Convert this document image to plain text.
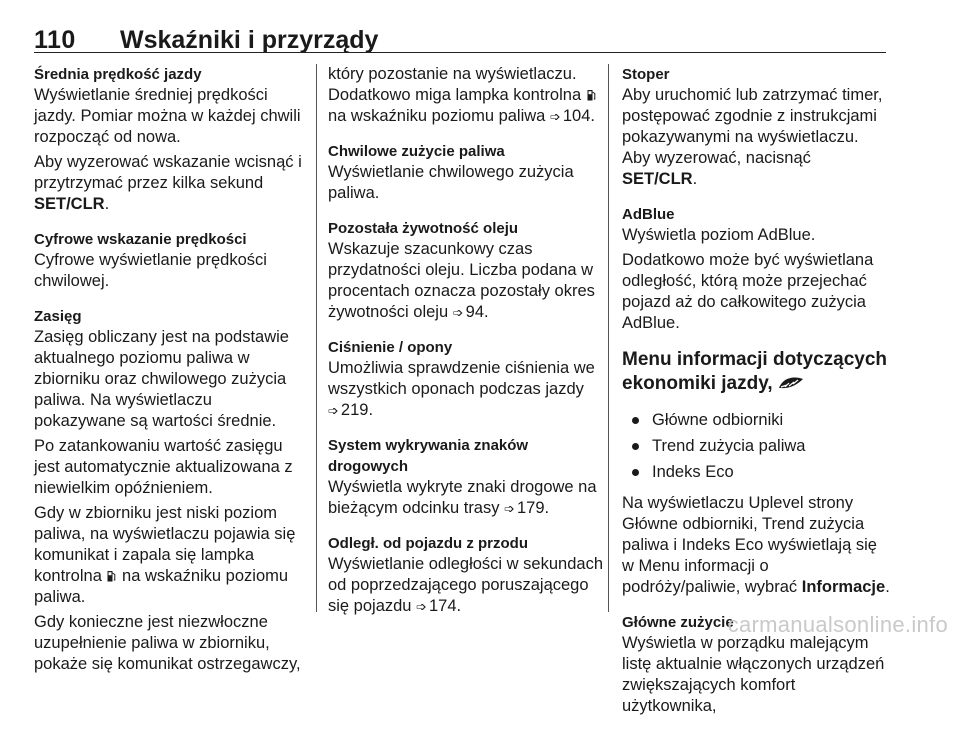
110 Wskaźniki i przyrządy

Średnia prędkość jazdy

Wyświetlanie średniej prędkości jazdy. Pomiar można w każdej chwili rozpocząć od nowa.

Aby wyzerować wskazanie wcisnąć i przytrzymać przez kilka sekund SET/CLR.

Cyfrowe wskazanie prędkości

Cyfrowe wyświetlanie prędkości chwilowej.

Zasięg

Zasięg obliczany jest na podstawie aktualnego poziomu paliwa w zbiorniku oraz chwilowego zużycia paliwa. Na wyświetlaczu pokazywane są wartości średnie.

Po zatankowaniu wartość zasięgu jest automatycznie aktualizowana z niewielkim opóźnieniem.

Gdy w zbiorniku jest niski poziom paliwa, na wyświetlaczu pojawia się komunikat i zapala się lampka kontrolna
na wskaźniku poziomu paliwa.

Gdy konieczne jest niezwłoczne uzupełnienie paliwa w zbiorniku, pokaże się komunikat ostrzegawczy,

który pozostanie na wyświetlaczu. Dodatkowo miga lampka kontrolna
na wskaźniku poziomu paliwa ➩ 104.

Chwilowe zużycie paliwa

Wyświetlanie chwilowego zużycia paliwa.

Pozostała żywotność oleju

Wskazuje szacunkowy czas przydatności oleju. Liczba podana w procentach oznacza pozostały okres żywotności oleju ➩ 94.

Ciśnienie / opony

Umożliwia sprawdzenie ciśnienia we wszystkich oponach podczas jazdy ➩ 219.

System wykrywania znaków drogowych

Wyświetla wykryte znaki drogowe na bieżącym odcinku trasy ➩ 179.

Odległ. od pojazdu z przodu

Wyświetlanie odległości w sekundach od poprzedzającego poruszającego się pojazdu ➩ 174.

Stoper

Aby uruchomić lub zatrzymać timer, postępować zgodnie z instrukcjami pokazywanymi na wyświetlaczu. Aby wyzerować, nacisnąć SET/CLR.

AdBlue

Wyświetla poziom AdBlue.

Dodatkowo może być wyświetlana odległość, którą może przejechać pojazd aż do całkowitego zużycia AdBlue.

Menu informacji dotyczących ekonomiki jazdy,
Główne odbiorniki
Trend zużycia paliwa
Indeks Eco

Na wyświetlaczu Uplevel strony Główne odbiorniki, Trend zużycia paliwa i Indeks Eco wyświetlają się w Menu informacji o podróży/paliwie, wybrać Informacje.

Główne zużycie

Wyświetla w porządku malejącym listę aktualnie włączonych urządzeń zwiększających komfort użytkownika,

carmanualsonline.info
